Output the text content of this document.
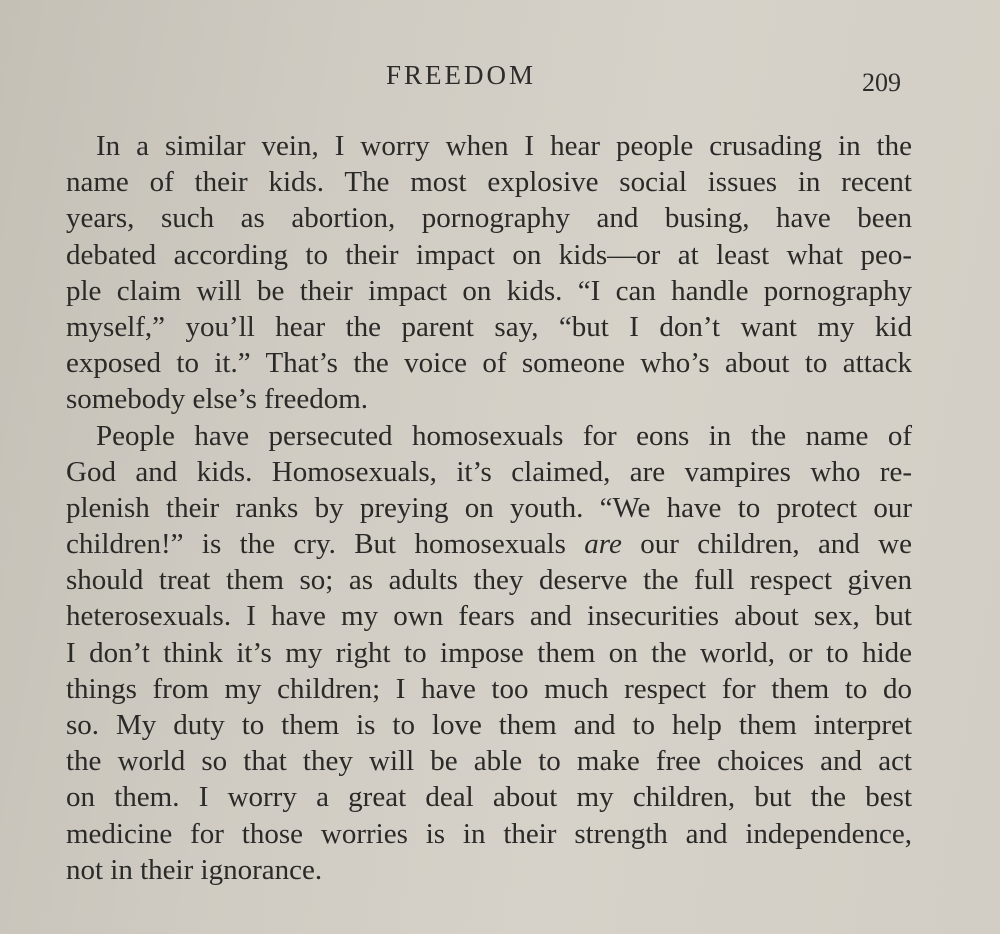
FREEDOM	209
In a similar vein, I worry when I hear people crusading in the
name of their kids. The most explosive social issues in recent
years, such as abortion, pornography and busing, have been
debated according to their impact on kids—or at least what peo-
ple claim will be their impact on kids. “I can handle pornography
myself,” you’ll hear the parent say, “but I don’t want my kid
exposed to it.” That’s the voice of someone who’s about to attack
somebody else’s freedom.
People have persecuted homosexuals for eons in the name of
God and kids. Homosexuals, it’s claimed, are vampires who re-
plenish their ranks by preying on youth. “We have to protect our
children!” is the cry. But homosexuals are our children, and we
should treat them so; as adults they deserve the full respect given
heterosexuals. I have my own fears and insecurities about sex, but
I don’t think it’s my right to impose them on the world, or to hide
things from my children; I have too much respect for them to do
so. My duty to them is to love them and to help them interpret
the world so that they will be able to make free choices and act
on them. I worry a great deal about my children, but the best
medicine for those worries is in their strength and independence,
not in their ignorance.
